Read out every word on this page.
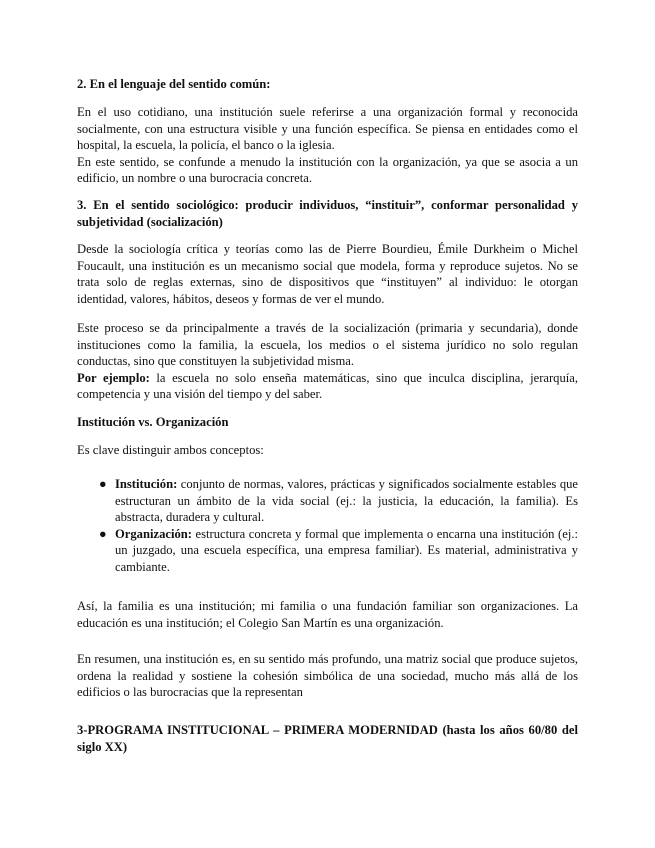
2. En el lenguaje del sentido común:

En el uso cotidiano, una institución suele referirse a una organización formal y reconocida socialmente, con una estructura visible y una función específica. Se piensa en entidades como el hospital, la escuela, la policía, el banco o la iglesia.

En este sentido, se confunde a menudo la institución con la organización, ya que se asocia a un edificio, un nombre o una burocracia concreta.

3. En el sentido sociológico: producir individuos, “instituir”, conformar personalidad y subjetividad (socialización)

Desde la sociología crítica y teorías como las de Pierre Bourdieu, Émile Durkheim o Michel Foucault, una institución es un mecanismo social que modela, forma y reproduce sujetos. No se trata solo de reglas externas, sino de dispositivos que “instituyen” al individuo: le otorgan identidad, valores, hábitos, deseos y formas de ver el mundo.

Este proceso se da principalmente a través de la socialización (primaria y secundaria), donde instituciones como la familia, la escuela, los medios o el sistema jurídico no solo regulan conductas, sino que constituyen la subjetividad misma.

Por ejemplo: la escuela no solo enseña matemáticas, sino que inculca disciplina, jerarquía, competencia y una visión del tiempo y del saber.

Institución vs. Organización

Es clave distinguir ambos conceptos:

● Institución: conjunto de normas, valores, prácticas y significados socialmente estables que estructuran un ámbito de la vida social (ej.: la justicia, la educación, la familia). Es abstracta, duradera y cultural.
● Organización: estructura concreta y formal que implementa o encarna una institución (ej.: un juzgado, una escuela específica, una empresa familiar). Es material, administrativa y cambiante.

Así, la familia es una institución; mi familia o una fundación familiar son organizaciones. La educación es una institución; el Colegio San Martín es una organización.

En resumen, una institución es, en su sentido más profundo, una matriz social que produce sujetos, ordena la realidad y sostiene la cohesión simbólica de una sociedad, mucho más allá de los edificios o las burocracias que la representan

3-PROGRAMA INSTITUCIONAL – PRIMERA MODERNIDAD (hasta los años 60/80 del siglo XX)
